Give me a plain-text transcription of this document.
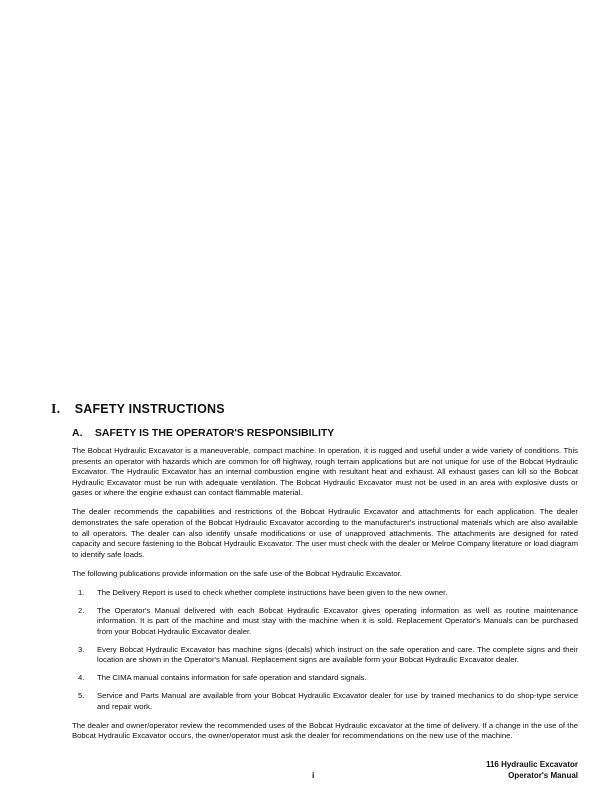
I. SAFETY INSTRUCTIONS
A. SAFETY IS THE OPERATOR'S RESPONSIBILITY

The Bobcat Hydraulic Excavator is a maneuverable, compact machine. In operation, it is rugged and useful under a wide variety of conditions. This presents an operator with hazards which are common for off highway, rough terrain applications but are not unique for use of the Bobcat Hydraulic Excavator. The Hydraulic Excavator has an internal combustion engine with resultant heat and exhaust. All exhaust gases can kill so the Bobcat Hydraulic Excavator must be run with adequate ventilation. The Bobcat Hydraulic Excavator must not be used in an area with explosive dusts or gases or where the engine exhaust can contact flammable material.

The dealer recommends the capabilities and restrictions of the Bobcat Hydraulic Excavator and attachments for each application. The dealer demonstrates the safe operation of the Bobcat Hydraulic Excavator according to the manufacturer's instructional materials which are also available to all operators. The dealer can also identify unsafe modifications or use of unapproved attachments. The attachments are designed for rated capacity and secure fastening to the Bobcat Hydraulic Excavator. The user must check with the dealer or Melroe Company literature or load diagram to identify safe loads.

The following publications provide information on the safe use of the Bobcat Hydraulic Excavator.

1.	The Delivery Report is used to check whether complete instructions have been given to the new owner.
2.	The Operator's Manual delivered with each Bobcat Hydraulic Excavator gives operating information as well as routine maintenance information. It is part of the machine and must stay with the machine when it is sold. Replacement Operator's Manuals can be purchased from your Bobcat Hydraulic Excavator dealer.
3.	Every Bobcat Hydraulic Excavator has machine signs (decals) which instruct on the safe operation and care. The complete signs and their location are shown in the Operator's Manual. Replacement signs are available form your Bobcat Hydraulic Excavator dealer.
4.	The CIMA manual contains information for safe operation and standard signals.
5.	Service and Parts Manual are available from your Bobcat Hydraulic Excavator dealer for use by trained mechanics to do shop-type service and repair work.

The dealer and owner/operator review the recommended uses of the Bobcat Hydraulic excavator at the time of delivery. If a change in the use of the Bobcat Hydraulic Excavator occurs, the owner/operator must ask the dealer for recommendations on the new use of the machine.

i
116 Hydraulic Excavator
Operator's Manual
